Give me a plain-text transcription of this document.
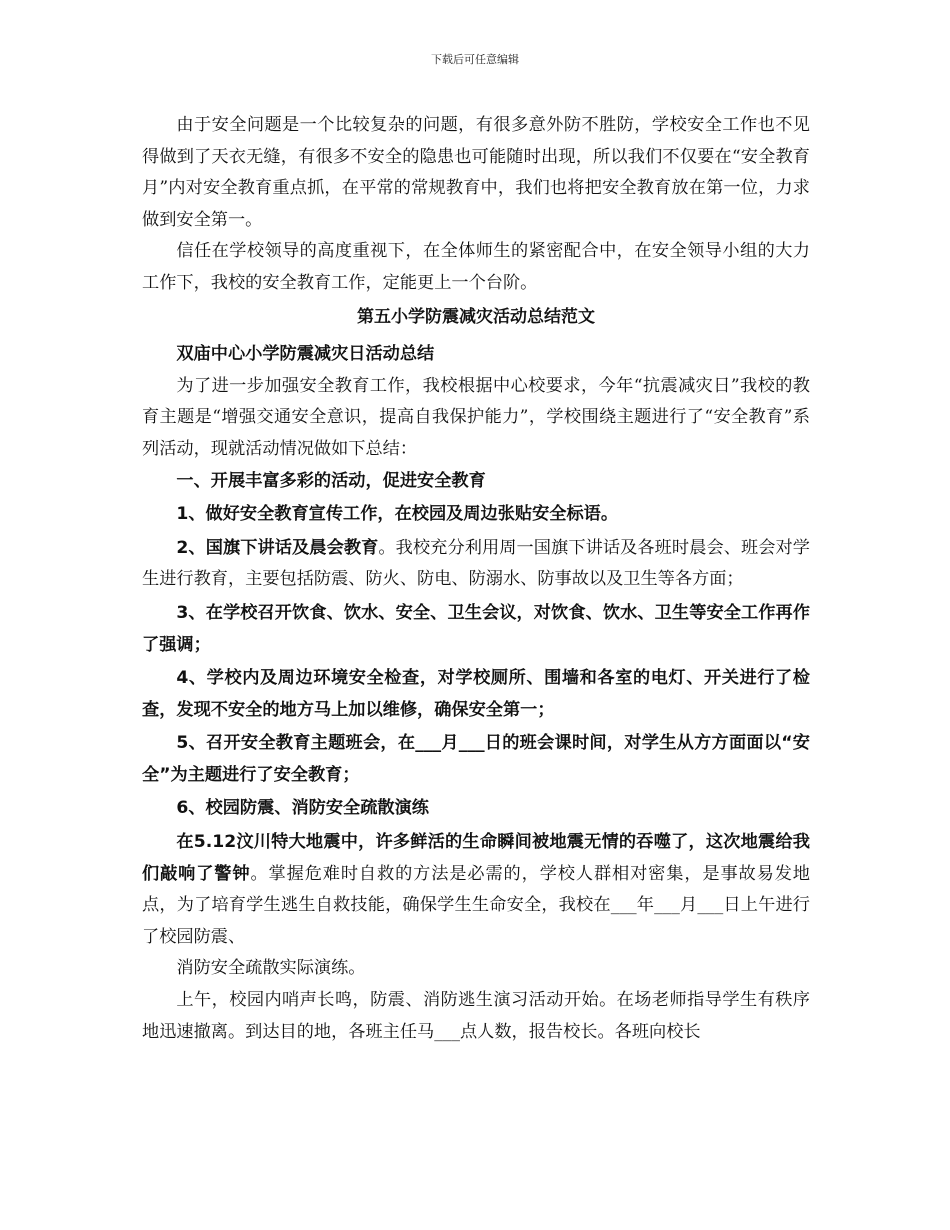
下载后可任意编辑

由于安全问题是一个比较复杂的问题，有很多意外防不胜防，学校安全工作也不见得做到了天衣无缝，有很多不安全的隐患也可能随时出现，所以我们不仅要在“安全教育月”内对安全教育重点抓，在平常的常规教育中，我们也将把安全教育放在第一位，力求做到安全第一。

信任在学校领导的高度重视下，在全体师生的紧密配合中，在安全领导小组的大力工作下，我校的安全教育工作，定能更上一个台阶。

第五小学防震减灾活动总结范文

双庙中心小学防震减灾日活动总结

为了进一步加强安全教育工作，我校根据中心校要求，今年“抗震减灾日”我校的教育主题是“增强交通安全意识，提高自我保护能力”，学校围绕主题进行了“安全教育”系列活动，现就活动情况做如下总结：

一、开展丰富多彩的活动，促进安全教育

1、做好安全教育宣传工作，在校园及周边张贴安全标语。

2、国旗下讲话及晨会教育。我校充分利用周一国旗下讲话及各班时晨会、班会对学生进行教育，主要包括防震、防火、防电、防溺水、防事故以及卫生等各方面；

3、在学校召开饮食、饮水、安全、卫生会议，对饮食、饮水、卫生等安全工作再作了强调；

4、学校内及周边环境安全检查，对学校厕所、围墙和各室的电灯、开关进行了检查，发现不安全的地方马上加以维修，确保安全第一；

5、召开安全教育主题班会，在___月___日的班会课时间，对学生从方方面面以“安全”为主题进行了安全教育；

6、校园防震、消防安全疏散演练

在5.12汶川特大地震中，许多鲜活的生命瞬间被地震无情的吞噬了，这次地震给我们敲响了警钟。掌握危难时自救的方法是必需的，学校人群相对密集，是事故易发地点，为了培育学生逃生自救技能，确保学生生命安全，我校在___年___月___日上午进行了校园防震、

消防安全疏散实际演练。

上午，校园内哨声长鸣，防震、消防逃生演习活动开始。在场老师指导学生有秩序地迅速撤离。到达目的地，各班主任马___点人数，报告校长。各班向校长
